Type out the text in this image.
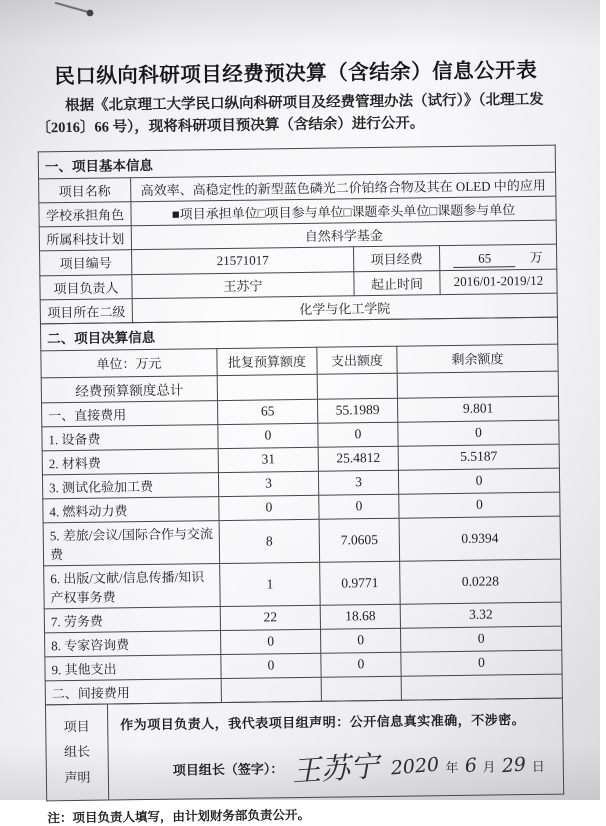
民口纵向科研项目经费预决算（含结余）信息公开表

根据《北京理工大学民口纵向科研项目及经费管理办法（试行）》（北理工发〔2016〕66 号），现将科研项目预决算（含结余）进行公开。

一、项目基本信息			
项目名称	高效率、高稳定性的新型蓝色磷光二价铂络合物及其在 OLED 中的应用		
学校承担角色	■项目承担单位□项目参与单位□课题牵头单位□课题参与单位		
所属科技计划	自然科学基金		
项目编号	21571017	项目经费	65 万
项目负责人	王苏宁	起止时间	2016/01-2019/12
项目所在二级	化学与化工学院		
二、项目决算信息			
单位：万元	批复预算额度	支出额度	剩余额度
经费预算额度总计			
一、直接费用	65	55.1989	9.801
1. 设备费	0	0	0
2. 材料费	31	25.4812	5.5187
3. 测试化验加工费	3	3	0
4. 燃料动力费	0	0	0
5. 差旅/会议/国际合作与交流费	8	7.0605	0.9394
6. 出版/文献/信息传播/知识产权事务费	1	0.9771	0.0228
7. 劳务费	22	18.68	3.32
8. 专家咨询费	0	0	0
9. 其他支出	0	0	0
二、间接费用			
项目
组长
声明

作为项目负责人，我代表项目组声明：公开信息真实准确，不涉密。
项目组长（签字）： 王苏宁 2020 年 6 月 29 日
注：项目负责人填写，由计划财务部负责公开。
